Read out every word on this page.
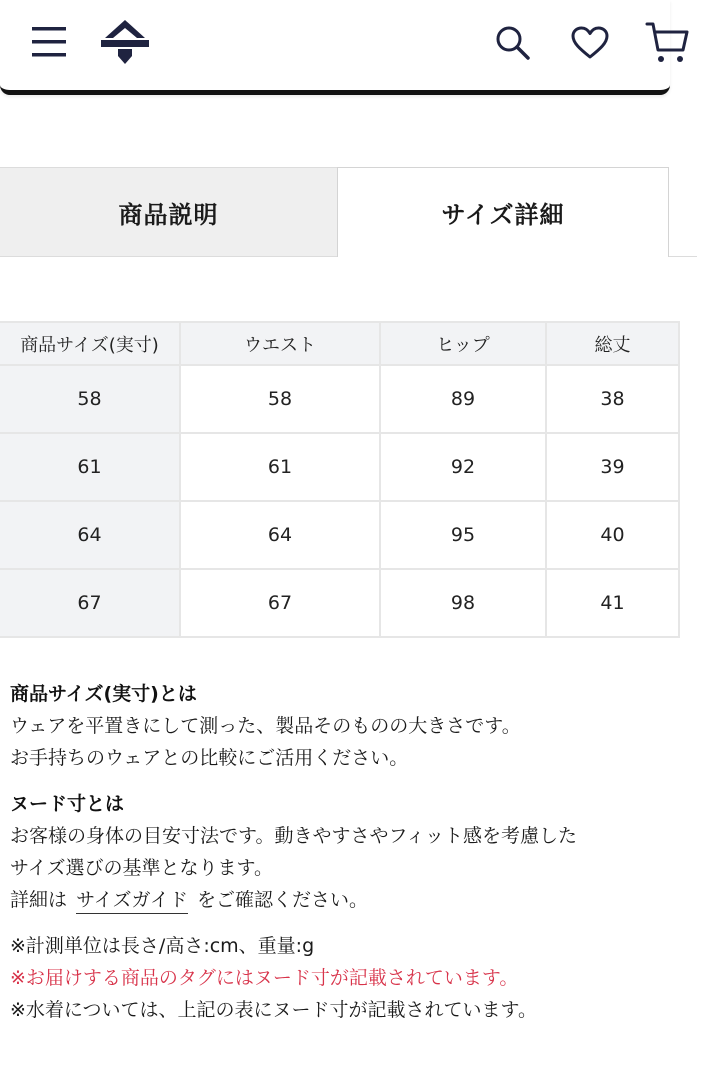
商品説明	サイズ詳細
商品サイズ(実寸)	ウエスト	ヒップ	総丈
58	58	89	38
61	61	92	39
64	64	95	40
67	67	98	41
商品サイズ(実寸)とは
ウェアを平置きにして測った、製品そのものの大きさです。
お手持ちのウェアとの比較にご活用ください。
ヌード寸とは
お客様の身体の目安寸法です。動きやすさやフィット感を考慮した
サイズ選びの基準となります。
詳細は サイズガイド をご確認ください。
※計測単位は長さ/高さ:cm、重量:g
※お届けする商品のタグにはヌード寸が記載されています。
※水着については、上記の表にヌード寸が記載されています。
